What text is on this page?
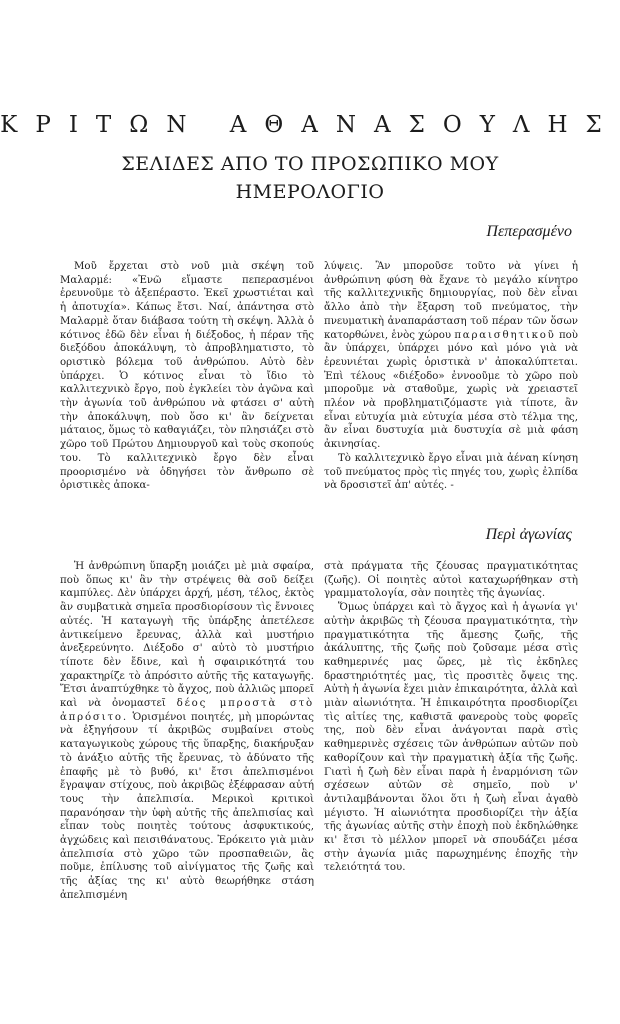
ΚΡΙΤΩΝ ΑΘΑΝΑΣΟΥΛΗΣ
ΣΕΛΙΔΕΣ ΑΠΟ ΤΟ ΠΡΟΣΩΠΙΚΟ ΜΟΥ
ΗΜΕΡΟΛΟΓΙΟ
Πεπερασμένο

Μοῦ ἔρχεται στὸ νοῦ μιὰ σκέψη τοῦ Μαλαρμέ: «Ἐνῶ εἴμαστε πεπερασμένοι ἐρευνοῦμε τὸ ἀξεπέραστο. Ἐκεῖ χρωστιέται καὶ ἡ ἀποτυχία». Κάπως ἔτσι. Ναί, ἀπάντησα στὸ Μαλαρμὲ ὅταν διάβασα τούτη τὴ σκέψη. Ἀλλὰ ὁ κότινος ἐδῶ δὲν εἶναι ἡ διέξοδος, ἡ πέραν τῆς διεξόδου ἀποκάλυψη, τὸ ἀπροβληματιστο, τὸ οριστικὸ βόλεμα τοῦ ἀνθρώπου. Αὐτὸ δὲν ὑπάρχει. Ὁ κότινος εἶναι τὸ ἴδιο τὸ καλλιτεχνικὸ ἔργο, ποὺ ἐγκλείει τὸν ἀγῶνα καὶ τὴν ἀγωνία τοῦ ἀνθρώπου νὰ φτάσει σ' αὐτὴ τὴν ἀποκάλυψη, ποὺ ὅσο κι' ἂν δείχνεται μάταιος, ὅμως τὸ καθαγιάζει, τὸν πλησιάζει στὸ χῶρο τοῦ Πρώτου Δημιουργοῦ καὶ τοὺς σκοπούς του. Τὸ καλλιτεχνικὸ ἔργο δὲν εἶναι προορισμένο νὰ ὁδηγήσει τὸν ἄνθρωπο σὲ ὁριστικὲς ἀποκα-

λύψεις. Ἂν μποροῦσε τοῦτο νὰ γίνει ἡ ἀνθρώπινη φύση θὰ ἔχανε τὸ μεγάλο κίνητρο τῆς καλλιτεχνικῆς δημιουργίας, ποὺ δὲν εἶναι ἄλλο ἀπὸ τὴν ἔξαρση τοῦ πνεύματος, τὴν πνευματικὴ ἀναπαράσταση τοῦ πέραν τῶν ὅσων κατορθώνει, ἑνὸς χώρου παραισθητικοῦ ποὺ ἂν ὑπάρχει, ὑπάρχει μόνο καὶ μόνο γιὰ νὰ ἐρευνιέται χωρὶς ὁριστικὰ ν' ἀποκαλύπτεται. Ἐπὶ τέλους «διέξοδο» ἐννοοῦμε τὸ χῶρο ποὺ μποροῦμε νὰ σταθοῦμε, χωρὶς νὰ χρειαστεῖ πλέον νὰ προβληματιζόμαστε γιὰ τίποτε, ἂν εἶναι εὐτυχία μιὰ εὐτυχία μέσα στὸ τέλμα της, ἂν εἶναι δυστυχία μιὰ δυστυχία σὲ μιὰ φάση ἀκινησίας.

Τὸ καλλιτεχνικὸ ἔργο εἶναι μιὰ ἀέναη κίνηση τοῦ πνεύματος πρὸς τὶς πηγές του, χωρὶς ἐλπίδα νὰ δροσιστεῖ ἀπ' αὐτές. -

Περὶ ἀγωνίας

Ἡ ἀνθρώπινη ὕπαρξη μοιάζει μὲ μιὰ σφαίρα, ποὺ ὅπως κι' ἂν τὴν στρέψεις θὰ σοῦ δείξει καμπύλες. Δὲν ὑπάρχει ἀρχή, μέση, τέλος, ἐκτὸς ἂν συμβατικὰ σημεῖα προσδιορίσουν τὶς ἔννοιες αὐτές. Ἡ καταγωγὴ τῆς ὑπάρξης ἀπετέλεσε ἀντικείμενο ἔρευνας, ἀλλὰ καὶ μυστήριο ἀνεξερεύνητο. Διέξοδο σ' αὐτὸ τὸ μυστήριο τίποτε δὲν ἔδινε, καὶ ἡ σφαιρικότητά του χαρακτηρίζε τὸ ἀπρόσιτο αὐτῆς τῆς καταγωγῆς. Ἔτσι ἀναπτύχθηκε τὸ ἄγχος, ποὺ ἀλλιῶς μπορεῖ καὶ νὰ ὀνομαστεῖ δέος μπροστὰ στὸ ἀπρόσιτο. Ὁρισμένοι ποιητές, μὴ μπορώντας νὰ ἐξηγήσουν τί ἀκριβῶς συμβαίνει στοὺς καταγωγικοὺς χώρους τῆς ὕπαρξης, διακήρυξαν τὸ ἀνάξιο αὐτῆς τῆς ἔρευνας, τὸ ἀδύνατο τῆς ἐπαφῆς μὲ τὸ βυθό, κι' ἔτσι ἀπελπισμένοι ἔγραψαν στίχους, ποὺ ἀκριβῶς ἐξέφρασαν αὐτή τους τὴν ἀπελπισία. Μερικοὶ κριτικοὶ παρανόησαν τὴν ὑφὴ αὐτῆς τῆς ἀπελπισίας καὶ εἶπαν τοὺς ποιητὲς τούτους ἀσφυκτικούς, ἀγχώδεις καὶ πεισιθάνατους. Ἐρόκειτο γιὰ μιὰν ἀπελπισία στὸ χῶρο τῶν προσπαθειῶν, ἂς ποῦμε, ἐπίλυσης τοῦ αἰνίγματος τῆς ζωῆς καὶ τῆς ἀξίας της κι' αὐτὸ θεωρήθηκε στάση ἀπελπισμένη

στὰ πράγματα τῆς ζέουσας πραγματικότητας (ζωῆς). Οἱ ποιητὲς αὐτοὶ καταχωρήθηκαν στὴ γραμματολογία, σὰν ποιητὲς τῆς ἀγωνίας.

Ὅμως ὑπάρχει καὶ τὸ ἄγχος καὶ ἡ ἀγωνία γι' αὐτὴν ἀκριβῶς τὴ ζέουσα πραγματικότητα, τὴν πραγματικότητα τῆς ἄμεσης ζωῆς, τῆς ἀκάλυπτης, τῆς ζωῆς ποὺ ζοῦσαμε μέσα στὶς καθημερινές μας ὥρες, μὲ τὶς ἐκδηλες δραστηριότητές μας, τὶς προσιτὲς ὄψεις της. Αὐτὴ ἡ ἀγωνία ἔχει μιὰν ἐπικαιρότητα, ἀλλὰ καὶ μιὰν αἰωνιότητα. Ἡ ἐπικαιρότητα προσδιορίζει τὶς αἰτίες της, καθιστᾶ φανεροὺς τοὺς φορεῖς της, ποὺ δὲν εἶναι ἀνάγονται παρὰ στὶς καθημερινὲς σχέσεις τῶν ἀνθρώπων αὐτῶν ποὺ καθορίζουν καὶ τὴν πραγματικὴ ἀξία τῆς ζωῆς. Γιατὶ ἡ ζωὴ δὲν εἶναι παρὰ ἡ ἐναρμόνιση τῶν σχέσεων αὐτῶν σὲ σημεῖο, ποὺ ν' ἀντιλαμβάνονται ὅλοι ὅτι ἡ ζωὴ εἶναι ἀγαθὸ μέγιστο. Ἡ αἰωνιότητα προσδιορίζει τὴν ἀξία τῆς ἀγωνίας αὐτῆς στὴν ἐποχὴ ποὺ ἐκδηλώθηκε κι' ἔτσι τὸ μέλλον μπορεῖ νὰ σπουδάζει μέσα στὴν ἀγωνία μιᾶς παρωχημένης ἐποχῆς τὴν τελειότητά του.
